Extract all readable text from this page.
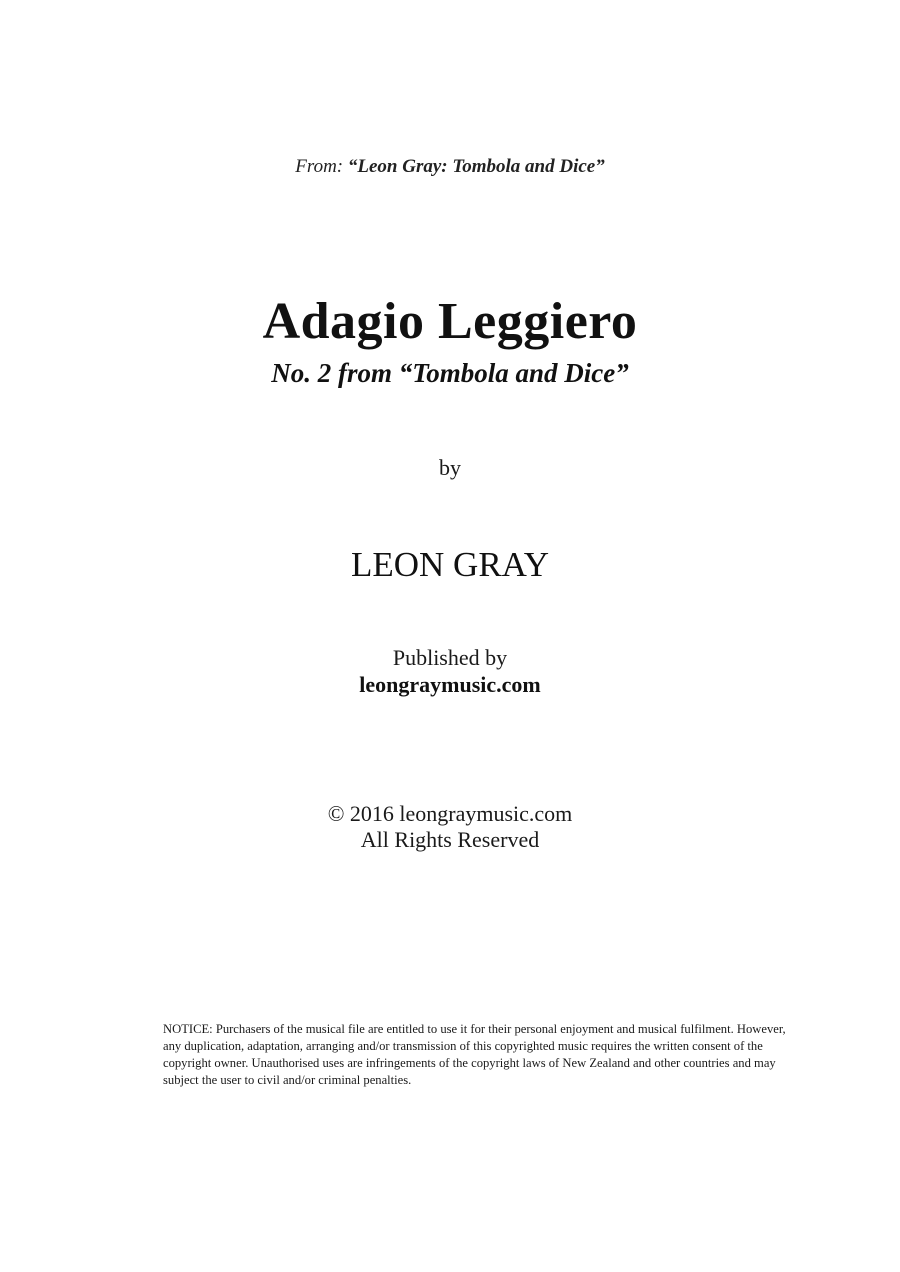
From: “Leon Gray: Tombola and Dice”
Adagio Leggiero
No. 2 from “Tombola and Dice”
by
LEON GRAY
Published by
leongraymusic.com
© 2016 leongraymusic.com
All Rights Reserved
NOTICE: Purchasers of the musical file are entitled to use it for their personal enjoyment and musical fulfilment. However, any duplication, adaptation, arranging and/or transmission of this copyrighted music requires the written consent of the copyright owner. Unauthorised uses are infringements of the copyright laws of New Zealand and other countries and may subject the user to civil and/or criminal penalties.
